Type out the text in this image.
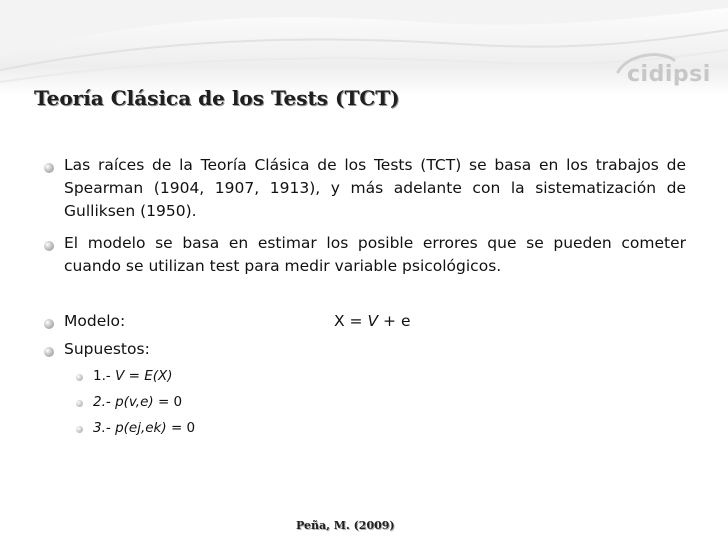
cidipsi
Teoría Clásica de los Tests (TCT)
Las raíces de la Teoría Clásica de los Tests (TCT) se basa en los trabajos de Spearman (1904, 1907, 1913), y más adelante con la sistematización de Gulliksen (1950).
El modelo se basa en estimar los posible errores que se pueden cometer cuando se utilizan test para medir variable psicológicos.
Modelo:	X = V + e
Supuestos:
1.- V = E(X)
2.- p(v,e) = 0
3.- p(ej,ek) = 0
Peña, M. (2009)
